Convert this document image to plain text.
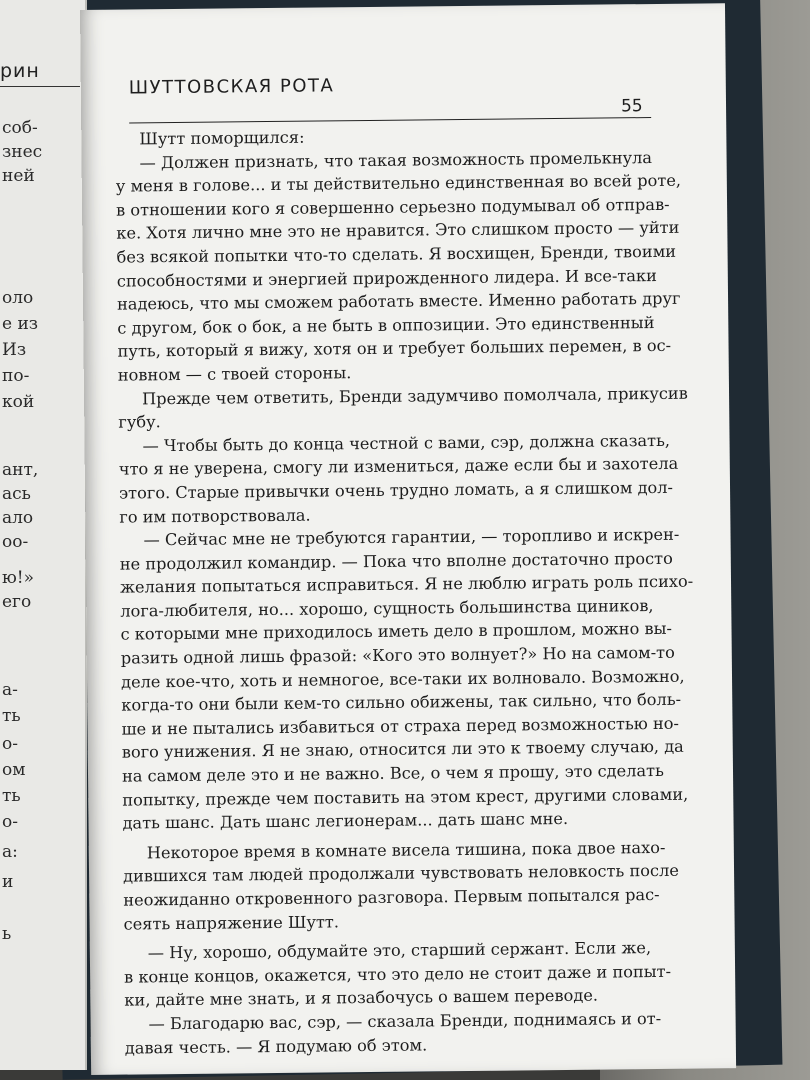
рин
соб-
знес
ней
оло
е из
Из
по-
кой
ант,
ась
ало
оо-
ю!»
его
а-
ть
о-
ом
ть
о-
а:
и
ь
ШУТТОВСКАЯ РОТА
55
Шутт поморщился:
— Должен признать, что такая возможность промелькнула
у меня в голове... и ты действительно единственная во всей роте,
в отношении кого я совершенно серьезно подумывал об отправ-
ке. Хотя лично мне это не нравится. Это слишком просто — уйти
без всякой попытки что-то сделать. Я восхищен, Бренди, твоими
способностями и энергией прирожденного лидера. И все-таки
надеюсь, что мы сможем работать вместе. Именно работать друг
с другом, бок о бок, а не быть в оппозиции. Это единственный
путь, который я вижу, хотя он и требует больших перемен, в ос-
новном — с твоей стороны.
Прежде чем ответить, Бренди задумчиво помолчала, прикусив
губу.
— Чтобы быть до конца честной с вами, сэр, должна сказать,
что я не уверена, смогу ли измениться, даже если бы и захотела
этого. Старые привычки очень трудно ломать, а я слишком дол-
го им потворствовала.
— Сейчас мне не требуются гарантии, — торопливо и искрен-
не продолжил командир. — Пока что вполне достаточно просто
желания попытаться исправиться. Я не люблю играть роль психо-
лога-любителя, но... хорошо, сущность большинства циников,
с которыми мне приходилось иметь дело в прошлом, можно вы-
разить одной лишь фразой: «Кого это волнует?» Но на самом-то
деле кое-что, хоть и немногое, все-таки их волновало. Возможно,
когда-то они были кем-то сильно обижены, так сильно, что боль-
ше и не пытались избавиться от страха перед возможностью но-
вого унижения. Я не знаю, относится ли это к твоему случаю, да
на самом деле это и не важно. Все, о чем я прошу, это сделать
попытку, прежде чем поставить на этом крест, другими словами,
дать шанс. Дать шанс легионерам... дать шанс мне.
Некоторое время в комнате висела тишина, пока двое нахо-
дившихся там людей продолжали чувствовать неловкость после
неожиданно откровенного разговора. Первым попытался рас-
сеять напряжение Шутт.
— Ну, хорошо, обдумайте это, старший сержант. Если же,
в конце концов, окажется, что это дело не стоит даже и попыт-
ки, дайте мне знать, и я позабочусь о вашем переводе.
— Благодарю вас, сэр, — сказала Бренди, поднимаясь и от-
давая честь. — Я подумаю об этом.
